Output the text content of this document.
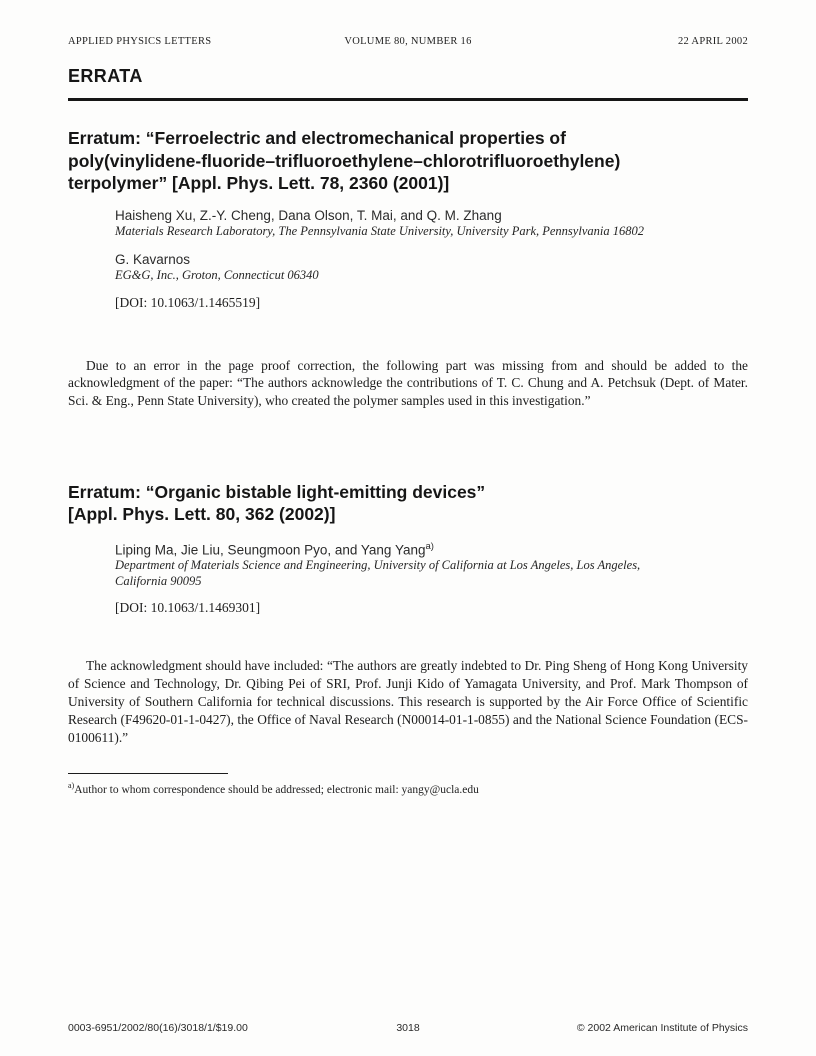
APPLIED PHYSICS LETTERS	VOLUME 80, NUMBER 16	22 APRIL 2002
ERRATA
Erratum: “Ferroelectric and electromechanical properties of
poly(vinylidene-fluoride–trifluoroethylene–chlorotrifluoroethylene)
terpolymer” [Appl. Phys. Lett. 78, 2360 (2001)]
Haisheng Xu, Z.-Y. Cheng, Dana Olson, T. Mai, and Q. M. Zhang
Materials Research Laboratory, The Pennsylvania State University, University Park, Pennsylvania 16802
G. Kavarnos
EG&G, Inc., Groton, Connecticut 06340
[DOI: 10.1063/1.1465519]

Due to an error in the page proof correction, the following part was missing from and should be added to the acknowledgment of the paper: “The authors acknowledge the contributions of T. C. Chung and A. Petchsuk (Dept. of Mater. Sci. & Eng., Penn State University), who created the polymer samples used in this investigation.”

Erratum: “Organic bistable light-emitting devices”
[Appl. Phys. Lett. 80, 362 (2002)]
Liping Ma, Jie Liu, Seungmoon Pyo, and Yang Yang$^{a)}$
Department of Materials Science and Engineering, University of California at Los Angeles, Los Angeles, California 90095
[DOI: 10.1063/1.1469301]

The acknowledgment should have included: “The authors are greatly indebted to Dr. Ping Sheng of Hong Kong University of Science and Technology, Dr. Qibing Pei of SRI, Prof. Junji Kido of Yamagata University, and Prof. Mark Thompson of University of Southern California for technical discussions. This research is supported by the Air Force Office of Scientific Research (F49620-01-1-0427), the Office of Naval Research (N00014-01-1-0855) and the National Science Foundation (ECS-0100611).”

$^{a)}$Author to whom correspondence should be addressed; electronic mail: yangy@ucla.edu
0003-6951/2002/80(16)/3018/1/$19.00	3018	© 2002 American Institute of Physics
